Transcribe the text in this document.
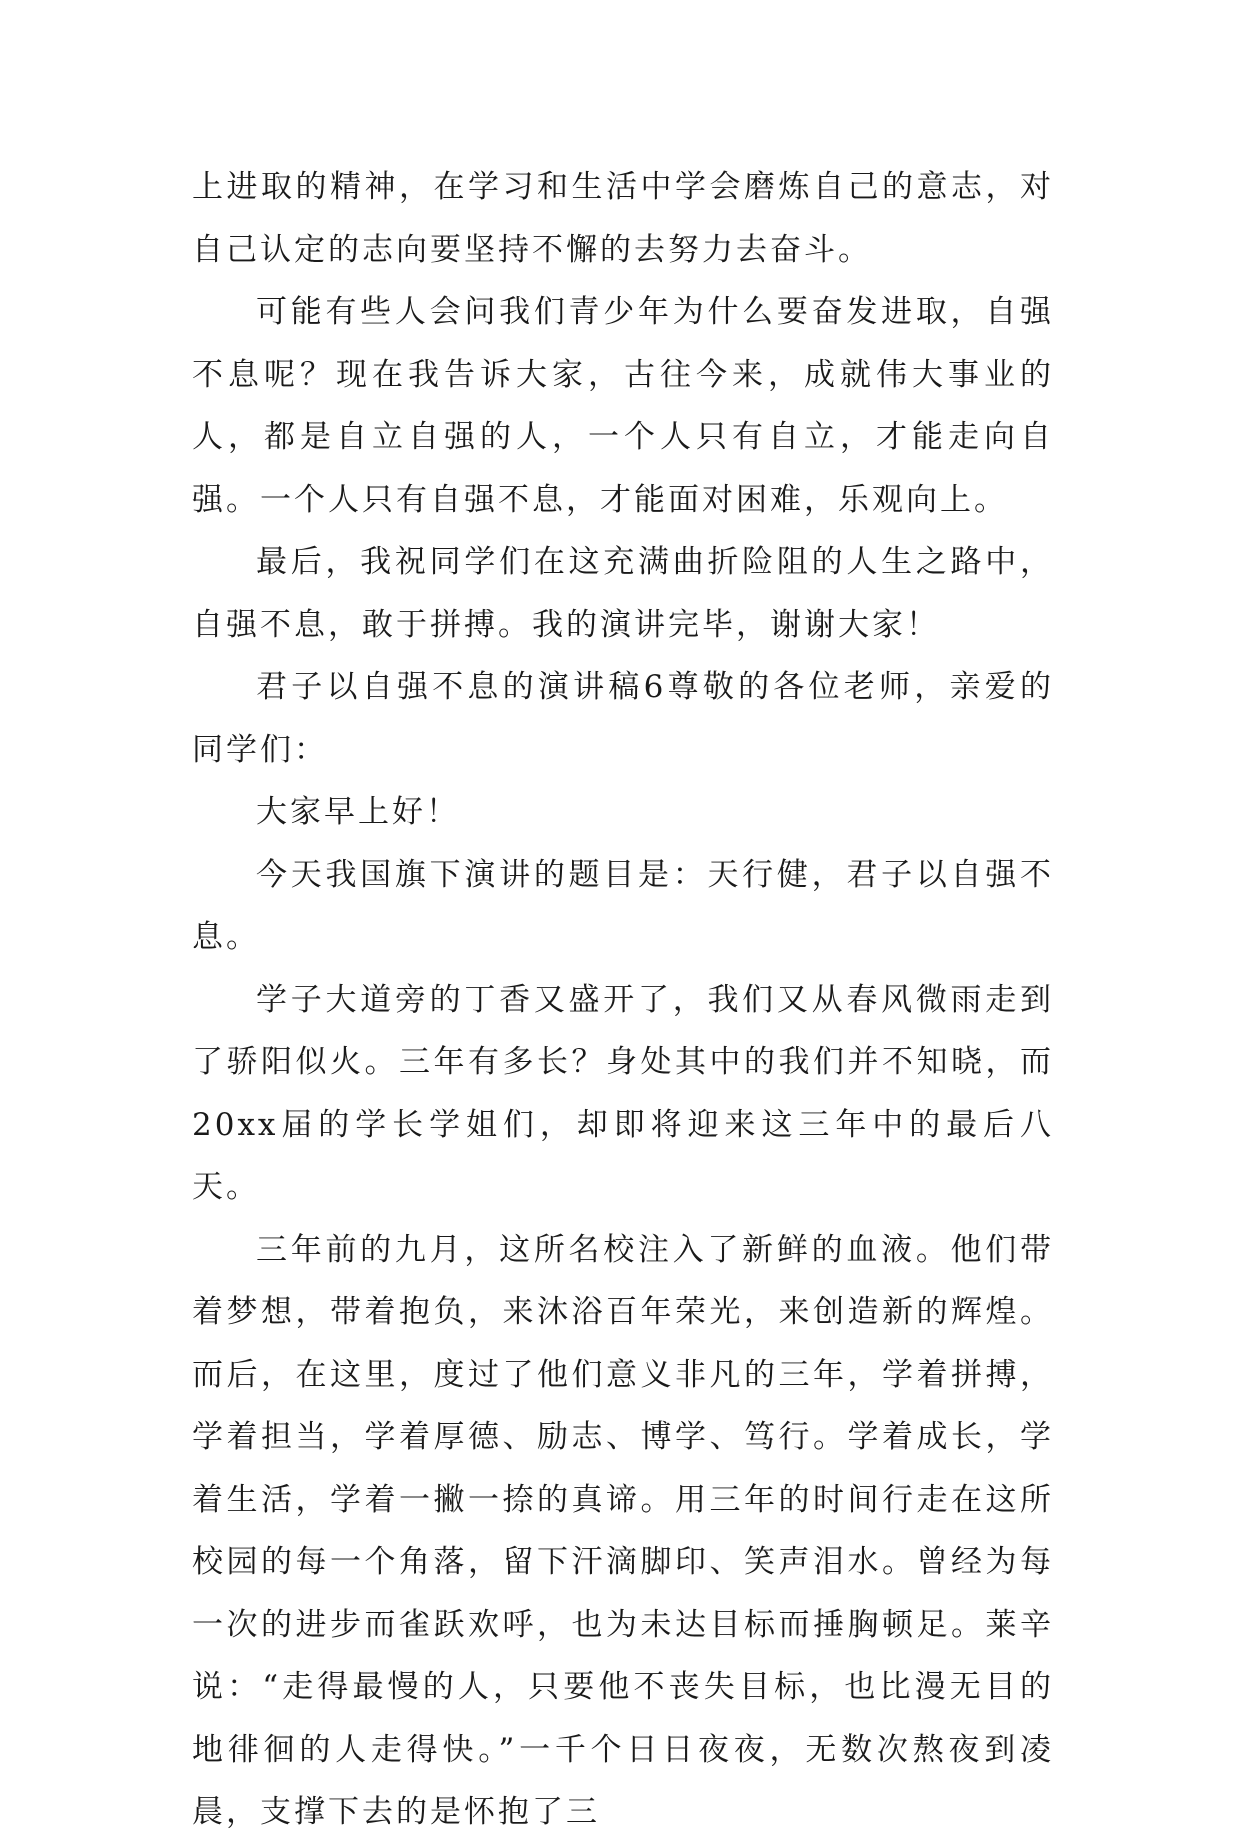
上进取的精神，在学习和生活中学会磨炼自己的意志，对自己认定的志向要坚持不懈的去努力去奋斗。

可能有些人会问我们青少年为什么要奋发进取，自强不息呢？现在我告诉大家，古往今来，成就伟大事业的人，都是自立自强的人，一个人只有自立，才能走向自强。一个人只有自强不息，才能面对困难，乐观向上。

最后，我祝同学们在这充满曲折险阻的人生之路中，自强不息，敢于拼搏。我的演讲完毕，谢谢大家！

君子以自强不息的演讲稿6尊敬的各位老师，亲爱的同学们：

大家早上好！

今天我国旗下演讲的题目是：天行健，君子以自强不息。

学子大道旁的丁香又盛开了，我们又从春风微雨走到了骄阳似火。三年有多长？身处其中的我们并不知晓，而20xx届的学长学姐们，却即将迎来这三年中的最后八天。

三年前的九月，这所名校注入了新鲜的血液。他们带着梦想，带着抱负，来沐浴百年荣光，来创造新的辉煌。而后，在这里，度过了他们意义非凡的三年，学着拼搏，学着担当，学着厚德、励志、博学、笃行。学着成长，学着生活，学着一撇一捺的真谛。用三年的时间行走在这所校园的每一个角落，留下汗滴脚印、笑声泪水。曾经为每一次的进步而雀跃欢呼，也为未达目标而捶胸顿足。莱辛说：“走得最慢的人，只要他不丧失目标，也比漫无目的地徘徊的人走得快。”一千个日日夜夜，无数次熬夜到凌晨，支撑下去的是怀抱了三
